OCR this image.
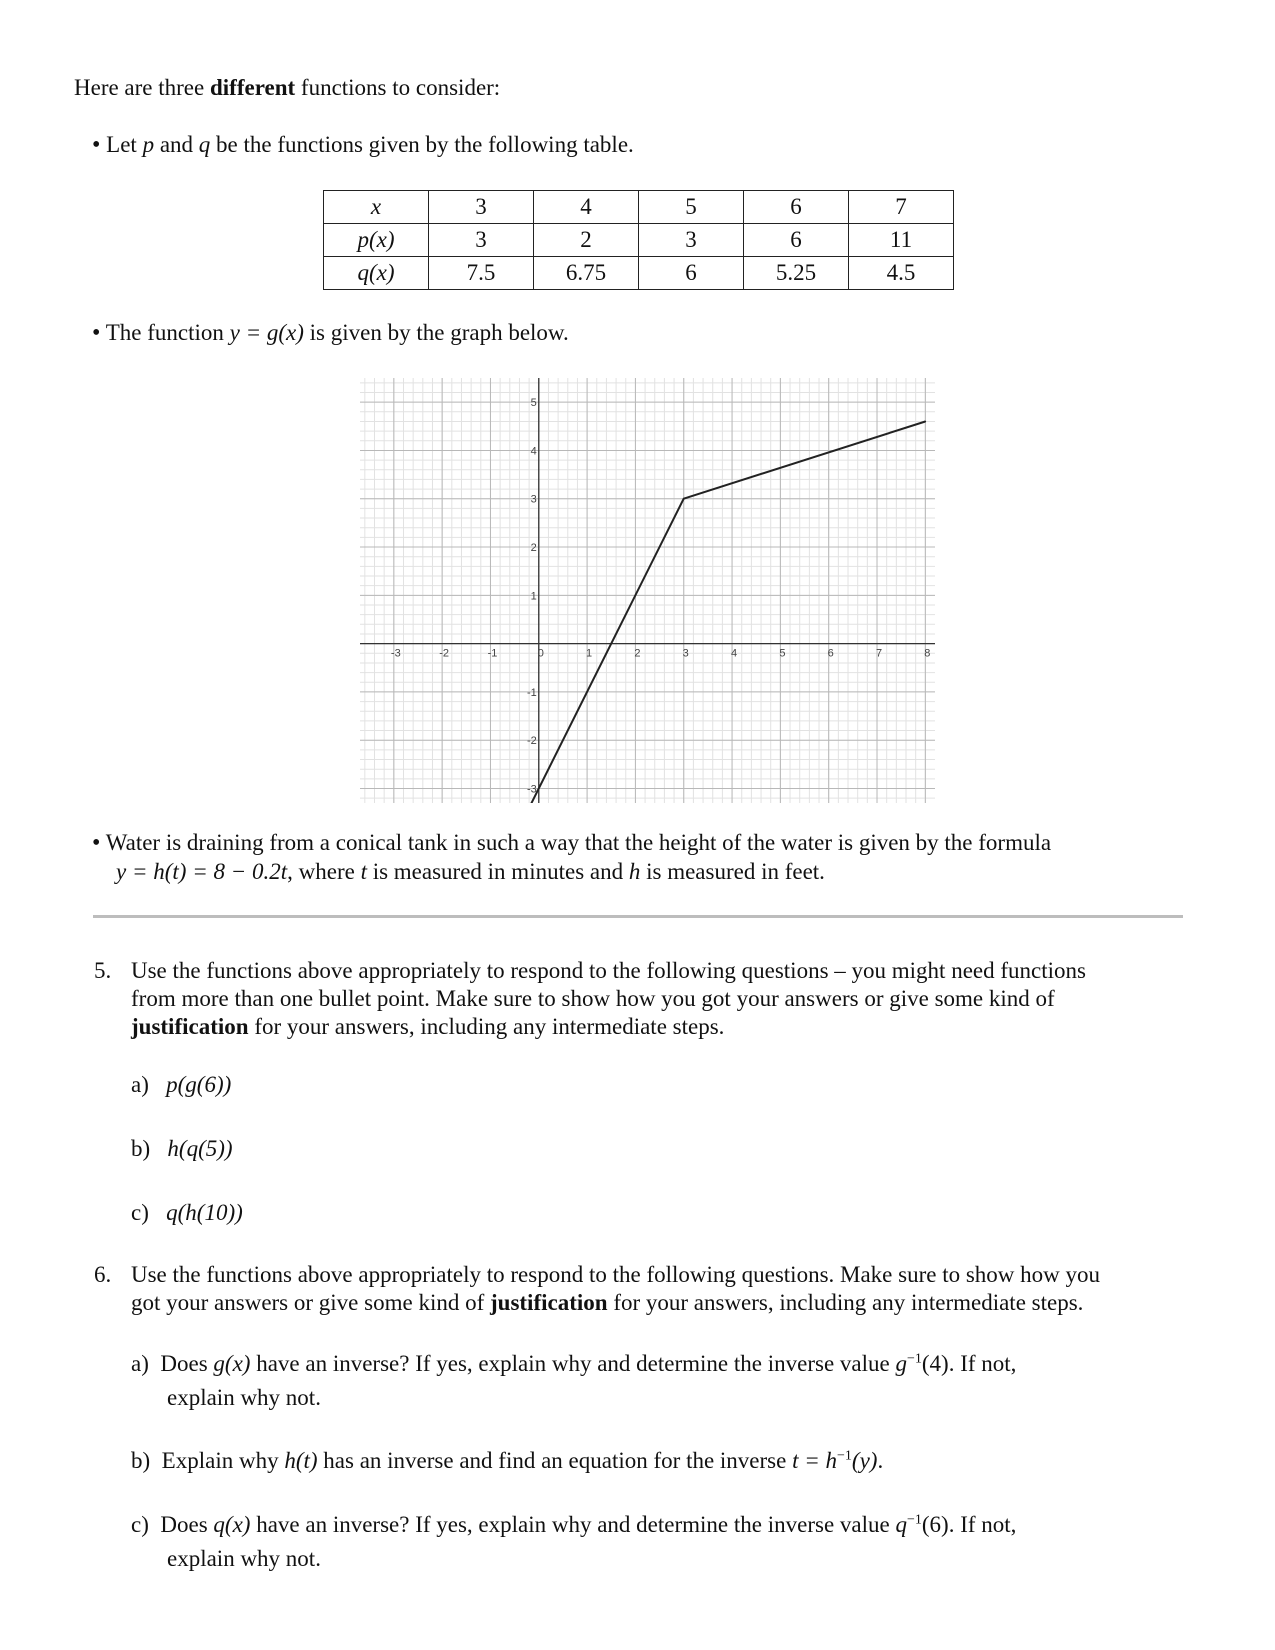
Here are three different functions to consider:
• Let p and q be the functions given by the following table.
x	3	4	5	6	7
p(x)	3	2	3	6	11
q(x)	7.5	6.75	6	5.25	4.5
• The function y = g(x) is given by the graph below.
-3	-2	-1	0	1	2	3	4	5	6	7	8
5
4
3
2
1
-1
-2
-3
• Water is draining from a conical tank in such a way that the height of the water is given by the formula
y = h(t) = 8 − 0.2t, where t is measured in minutes and h is measured in feet.
5. Use the functions above appropriately to respond to the following questions – you might need functions
from more than one bullet point. Make sure to show how you got your answers or give some kind of
justification for your answers, including any intermediate steps.
a) p(g(6))
b) h(q(5))
c) q(h(10))
6. Use the functions above appropriately to respond to the following questions. Make sure to show how you
got your answers or give some kind of justification for your answers, including any intermediate steps.
a) Does g(x) have an inverse? If yes, explain why and determine the inverse value $g^{-1}(4)$. If not,
explain why not.
b) Explain why h(t) has an inverse and find an equation for the inverse $t = h^{-1}(y)$.
c) Does q(x) have an inverse? If yes, explain why and determine the inverse value $q^{-1}(6)$. If not,
explain why not.
